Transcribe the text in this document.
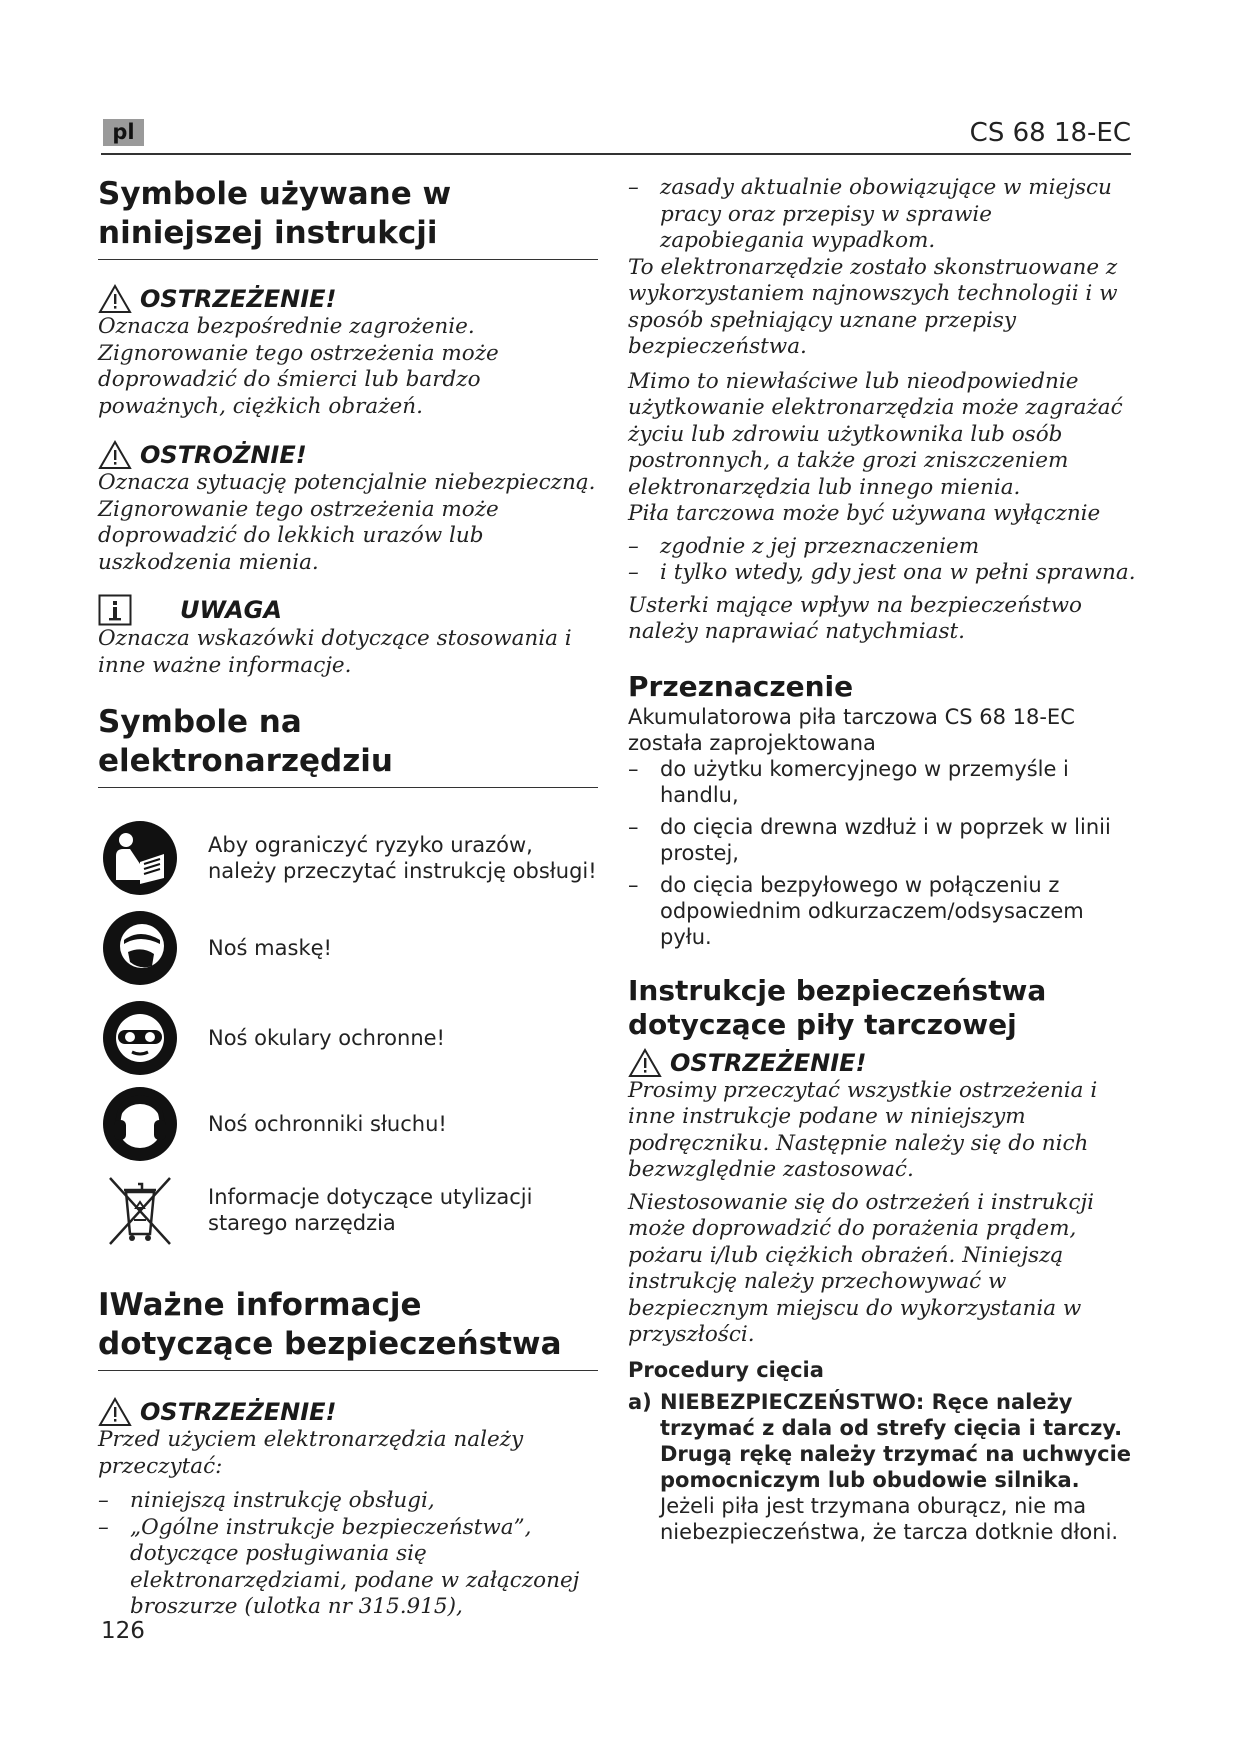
pl	CS 68 18-EC
Symbole używane w niniejszej instrukcji
OSTRZEŻENIE!
Oznacza bezpośrednie zagrożenie. Zignorowanie tego ostrzeżenia może doprowadzić do śmierci lub bardzo poważnych, ciężkich obrażeń.
OSTROŻNIE!
Oznacza sytuację potencjalnie niebezpieczną. Zignorowanie tego ostrzeżenia może doprowadzić do lekkich urazów lub uszkodzenia mienia.
UWAGA
Oznacza wskazówki dotyczące stosowania i inne ważne informacje.
Symbole na elektronarzędziu
Aby ograniczyć ryzyko urazów, należy przeczytać instrukcję obsługi!
Noś maskę!
Noś okulary ochronne!
Noś ochronniki słuchu!
Informacje dotyczące utylizacji starego narzędzia
IWażne informacje dotyczące bezpieczeństwa
OSTRZEŻENIE!
Przed użyciem elektronarzędzia należy przeczytać:
– niniejszą instrukcję obsługi,
– „Ogólne instrukcje bezpieczeństwa”, dotyczące posługiwania się elektronarzędziami, podane w załączonej broszurze (ulotka nr 315.915),
– zasady aktualnie obowiązujące w miejscu pracy oraz przepisy w sprawie zapobiegania wypadkom.
To elektronarzędzie zostało skonstruowane z wykorzystaniem najnowszych technologii i w sposób spełniający uznane przepisy bezpieczeństwa.
Mimo to niewłaściwe lub nieodpowiednie użytkowanie elektronarzędzia może zagrażać życiu lub zdrowiu użytkownika lub osób postronnych, a także grozi zniszczeniem elektronarzędzia lub innego mienia.
Piła tarczowa może być używana wyłącznie
– zgodnie z jej przeznaczeniem
– i tylko wtedy, gdy jest ona w pełni sprawna.
Usterki mające wpływ na bezpieczeństwo należy naprawiać natychmiast.
Przeznaczenie
Akumulatorowa piła tarczowa CS 68 18-EC została zaprojektowana
–	do użytku komercyjnego w przemyśle i handlu,
–	do cięcia drewna wzdłuż i w poprzek w linii prostej,
–	do cięcia bezpyłowego w połączeniu z odpowiednim odkurzaczem/odsysaczem pyłu.
Instrukcje bezpieczeństwa dotyczące piły tarczowej
OSTRZEŻENIE!
Prosimy przeczytać wszystkie ostrzeżenia i inne instrukcje podane w niniejszym podręczniku. Następnie należy się do nich bezwzględnie zastosować.
Niestosowanie się do ostrzeżeń i instrukcji może doprowadzić do porażenia prądem, pożaru i/lub ciężkich obrażeń. Niniejszą instrukcję należy przechowywać w bezpiecznym miejscu do wykorzystania w przyszłości.
Procedury cięcia
a) NIEBEZPIECZEŃSTWO: Ręce należy trzymać z dala od strefy cięcia i tarczy. Drugą rękę należy trzymać na uchwycie pomocniczym lub obudowie silnika. Jeżeli piła jest trzymana oburącz, nie ma niebezpieczeństwa, że tarcza dotknie dłoni.
126
